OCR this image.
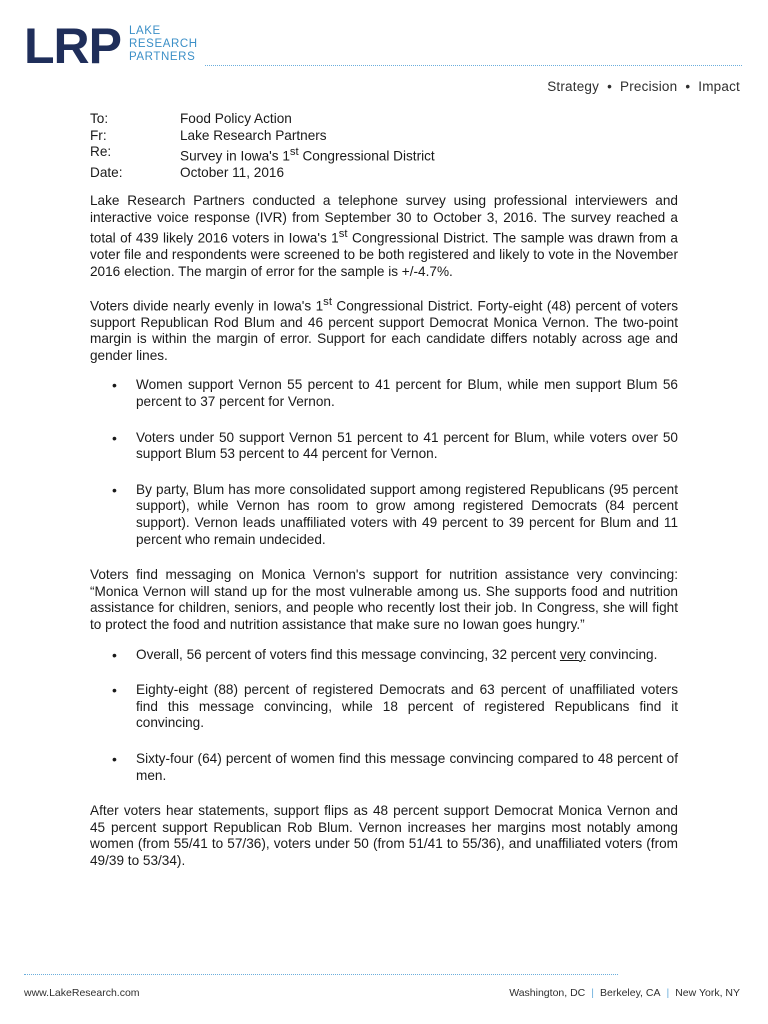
LRP LAKE
RESEARCH
PARTNERS
Strategy • Precision • Impact
To:	Food Policy Action
Fr:	Lake Research Partners
Re:	Survey in Iowa's 1st Congressional District
Date:	October 11, 2016

Lake Research Partners conducted a telephone survey using professional interviewers and interactive voice response (IVR) from September 30 to October 3, 2016. The survey reached a total of 439 likely 2016 voters in Iowa's 1st Congressional District. The sample was drawn from a voter file and respondents were screened to be both registered and likely to vote in the November 2016 election. The margin of error for the sample is +/-4.7%.

Voters divide nearly evenly in Iowa's 1st Congressional District. Forty-eight (48) percent of voters support Republican Rod Blum and 46 percent support Democrat Monica Vernon. The two-point margin is within the margin of error. Support for each candidate differs notably across age and gender lines.

• Women support Vernon 55 percent to 41 percent for Blum, while men support Blum 56 percent to 37 percent for Vernon.
• Voters under 50 support Vernon 51 percent to 41 percent for Blum, while voters over 50 support Blum 53 percent to 44 percent for Vernon.
• By party, Blum has more consolidated support among registered Republicans (95 percent support), while Vernon has room to grow among registered Democrats (84 percent support). Vernon leads unaffiliated voters with 49 percent to 39 percent for Blum and 11 percent who remain undecided.

Voters find messaging on Monica Vernon's support for nutrition assistance very convincing: “Monica Vernon will stand up for the most vulnerable among us. She supports food and nutrition assistance for children, seniors, and people who recently lost their job. In Congress, she will fight to protect the food and nutrition assistance that make sure no Iowan goes hungry.”

• Overall, 56 percent of voters find this message convincing, 32 percent very convincing.
• Eighty-eight (88) percent of registered Democrats and 63 percent of unaffiliated voters find this message convincing, while 18 percent of registered Republicans find it convincing.
• Sixty-four (64) percent of women find this message convincing compared to 48 percent of men.

After voters hear statements, support flips as 48 percent support Democrat Monica Vernon and 45 percent support Republican Rob Blum. Vernon increases her margins most notably among women (from 55/41 to 57/36), voters under 50 (from 51/41 to 55/36), and unaffiliated voters (from 49/39 to 53/34).

www.LakeResearch.com	Washington, DC | Berkeley, CA | New York, NY
